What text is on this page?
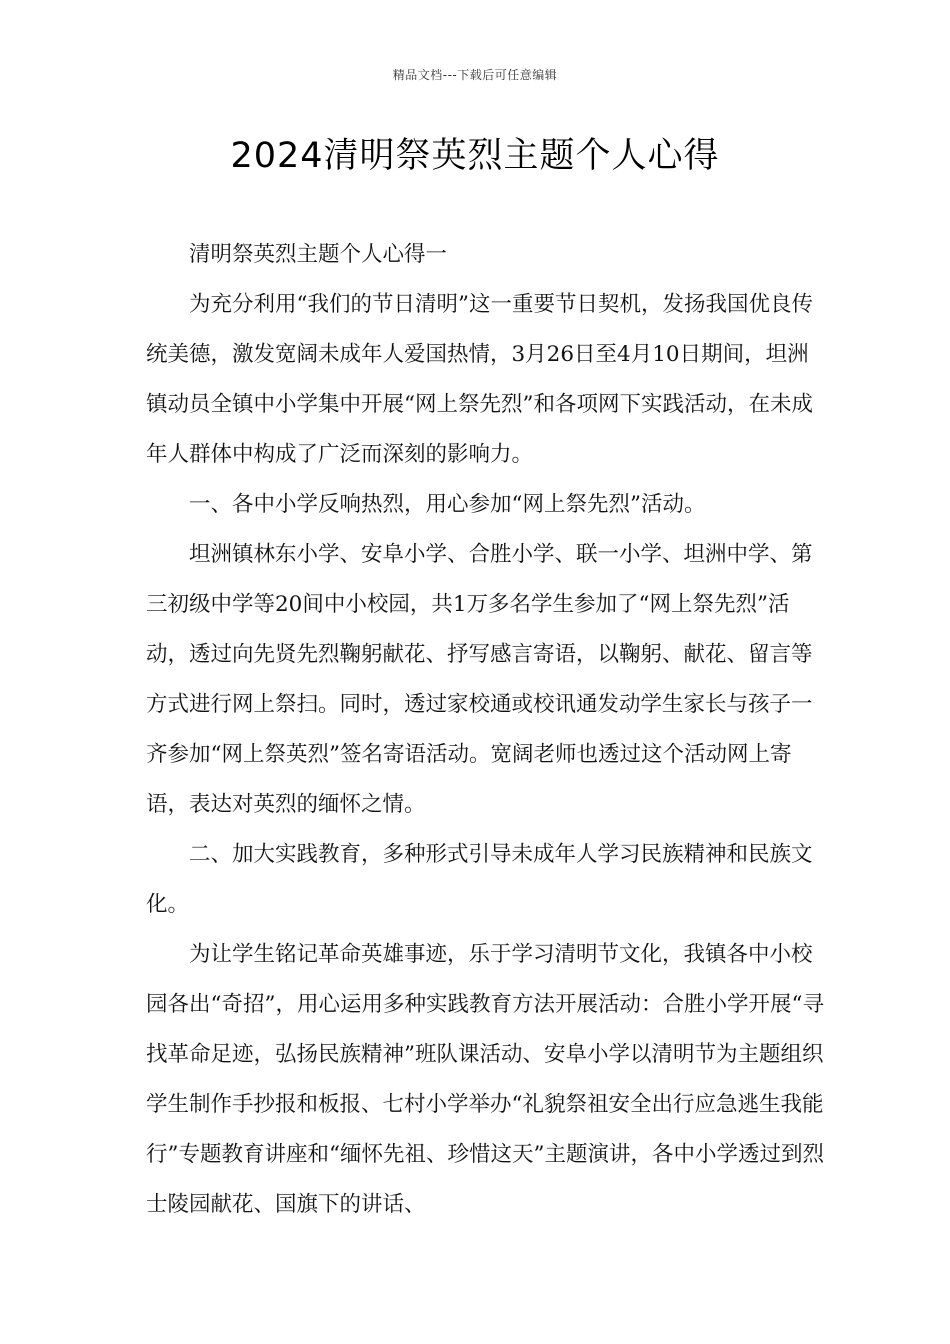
精品文档---下载后可任意编辑
2024清明祭英烈主题个人心得

清明祭英烈主题个人心得一

为充分利用“我们的节日清明”这一重要节日契机，发扬我国优良传统美德，激发宽阔未成年人爱国热情，3月26日至4月10日期间，坦洲镇动员全镇中小学集中开展“网上祭先烈”和各项网下实践活动，在未成年人群体中构成了广泛而深刻的影响力。

一、各中小学反响热烈，用心参加“网上祭先烈”活动。

坦洲镇林东小学、安阜小学、合胜小学、联一小学、坦洲中学、第三初级中学等20间中小校园，共1万多名学生参加了“网上祭先烈”活动，透过向先贤先烈鞠躬献花、抒写感言寄语，以鞠躬、献花、留言等方式进行网上祭扫。同时，透过家校通或校讯通发动学生家长与孩子一齐参加“网上祭英烈”签名寄语活动。宽阔老师也透过这个活动网上寄语，表达对英烈的缅怀之情。

二、加大实践教育，多种形式引导未成年人学习民族精神和民族文化。

为让学生铭记革命英雄事迹，乐于学习清明节文化，我镇各中小校园各出“奇招”，用心运用多种实践教育方法开展活动：合胜小学开展“寻找革命足迹，弘扬民族精神”班队课活动、安阜小学以清明节为主题组织学生制作手抄报和板报、七村小学举办“礼貌祭祖安全出行应急逃生我能行”专题教育讲座和“缅怀先祖、珍惜这天”主题演讲，各中小学透过到烈士陵园献花、国旗下的讲话、
